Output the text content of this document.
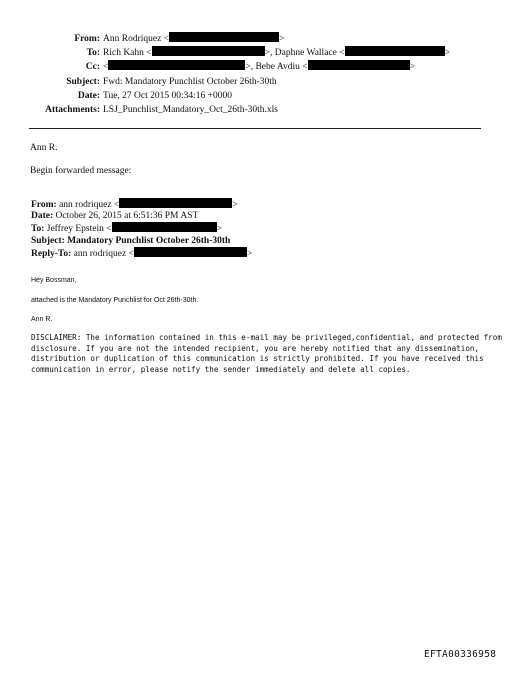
From: Ann Rodriquez <	>
To: Rich Kahn <	>, Daphne Wallace <	>
Cc: <	>, Bebe Avdiu <	>
Subject: Fwd: Mandatory Punchlist October 26th-30th
Date: Tue, 27 Oct 2015 00:34:16 +0000
Attachments: LSJ_Punchlist_Mandatory_Oct_26th-30th.xls
Ann R.
Begin forwarded message:
From: ann rodriquez <	>
Date: October 26, 2015 at 6:51:36 PM AST
To: Jeffrey Epstein <	>
Subject: Mandatory Punchlist October 26th-30th
Reply-To: ann rodriquez <	>
Hey Bossman,
attached is the Mandatory Punchlist for Oct 26th-30th.
Ann R.
DISCLAIMER: The information contained in this e-mail may be privileged,confidential, and protected from
disclosure. If you are not the intended recipient, you are hereby notified that any dissemination,
distribution or duplication of this communication is strictly prohibited. If you have received this
communication in error, please notify the sender immediately and delete all copies.
EFTA00336958
